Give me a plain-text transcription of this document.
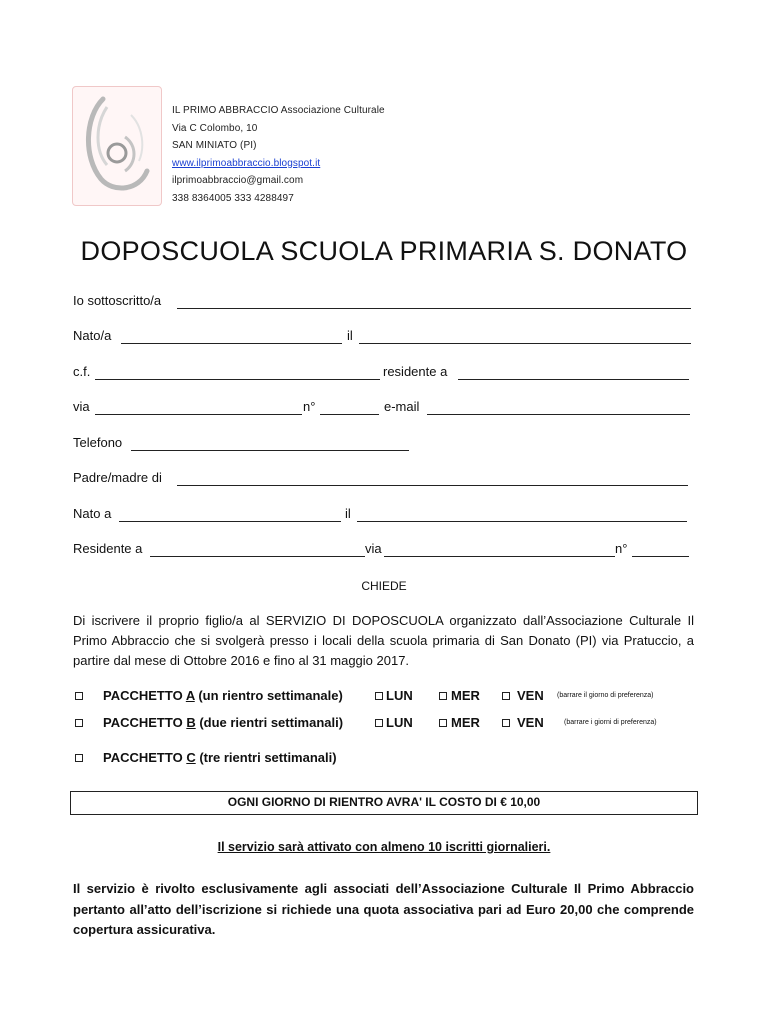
IL PRIMO ABBRACCIO Associazione Culturale
Via C Colombo, 10
SAN MINIATO (PI)
www.ilprimoabbraccio.blogspot.it
ilprimoabbraccio@gmail.com
338 8364005 333 4288497
DOPOSCUOLA SCUOLA PRIMARIA S. DONATO
Io sottoscritto/a
Nato/a	il
c.f.	residente a
via	n°	e-mail
Telefono
Padre/madre di
Nato a	il
Residente a	via	n°
CHIEDE
Di iscrivere il proprio figlio/a al SERVIZIO DI DOPOSCUOLA organizzato dall’Associazione Culturale Il Primo Abbraccio che si svolgerà presso i locali della scuola primaria di San Donato (PI) via Pratuccio, a partire dal mese di Ottobre 2016 e fino al 31 maggio 2017.
PACCHETTO A (un rientro settimanale)	LUN	MER	VEN (barrare il giorno di preferenza)
PACCHETTO B (due rientri settimanali)	LUN	MER	VEN	(barrare i giorni di preferenza)
PACCHETTO C (tre rientri settimanali)
OGNI GIORNO DI RIENTRO AVRA' IL COSTO DI € 10,00
Il servizio sarà attivato con almeno 10 iscritti giornalieri.
Il servizio è rivolto esclusivamente agli associati dell’Associazione Culturale Il Primo Abbraccio pertanto all’atto dell’iscrizione si richiede una quota associativa pari ad Euro 20,00 che comprende copertura assicurativa.
